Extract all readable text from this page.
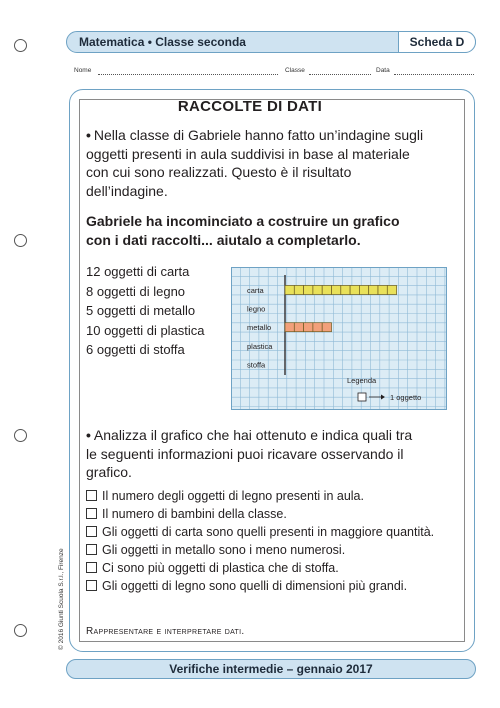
Matematica • Classe seconda	Scheda D
Nome	Classe	Data
RACCOLTE DI DATI
• Nella classe di Gabriele hanno fatto un’indagine sugli oggetti presenti in aula suddivisi in base al materiale con cui sono realizzati. Questo è il risultato dell’indagine.
Gabriele ha incominciato a costruire un grafico con i dati raccolti... aiutalo a completarlo.
12 oggetti di carta
8 oggetti di legno
5 oggetti di metallo
10 oggetti di plastica
6 oggetti di stoffa
carta
legno
metallo
plastica
stoffa
Legenda
1 oggetto
• Analizza il grafico che hai ottenuto e indica quali tra le seguenti informazioni puoi ricavare osservando il grafico.
Il numero degli oggetti di legno presenti in aula.
Il numero di bambini della classe.
Gli oggetti di carta sono quelli presenti in maggiore quantità.
Gli oggetti in metallo sono i meno numerosi.
Ci sono più oggetti di plastica che di stoffa.
Gli oggetti di legno sono quelli di dimensioni più grandi.
Rappresentare e interpretare dati.
© 2016 Giunti Scuola S.r.l., Firenze
Verifiche intermedie – gennaio 2017
